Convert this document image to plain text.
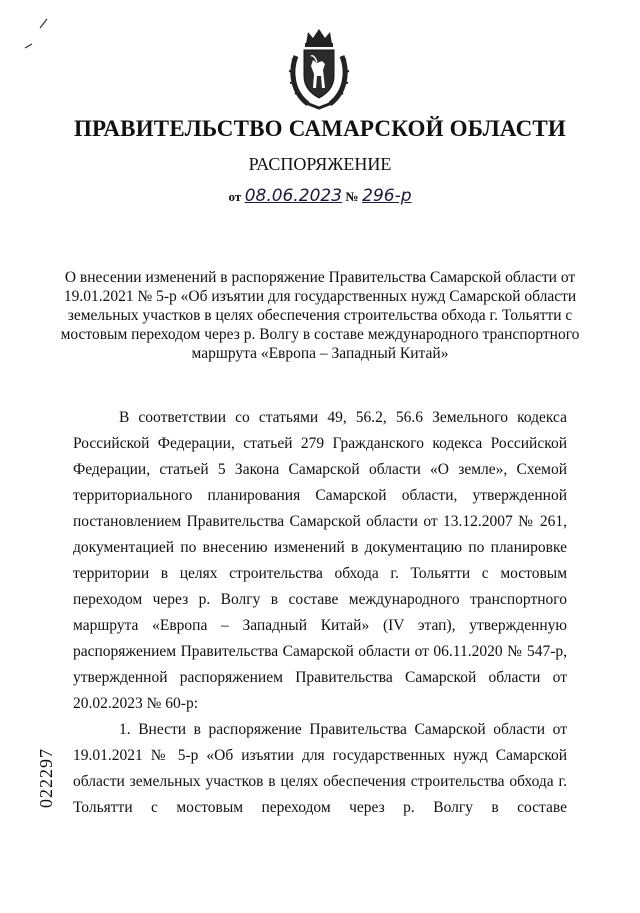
ПРАВИТЕЛЬСТВО САМАРСКОЙ ОБЛАСТИ
РАСПОРЯЖЕНИЕ
от 08.06.2023 № 296-р
О внесении изменений в распоряжение Правительства Самарской области от 19.01.2021 № 5-р «Об изъятии для государственных нужд Самарской области земельных участков в целях обеспечения строительства обхода г. Тольятти с мостовым переходом через р. Волгу в составе международного транспортного маршрута «Европа – Западный Китай»

В соответствии со статьями 49, 56.2, 56.6 Земельного кодекса Российской Федерации, статьей 279 Гражданского кодекса Российской Федерации, статьей 5 Закона Самарской области «О земле», Схемой территориального планирования Самарской области, утвержденной постановлением Правительства Самарской области от 13.12.2007 № 261, документацией по внесению изменений в документацию по планировке территории в целях строительства обхода г. Тольятти с мостовым переходом через р. Волгу в составе международного транспортного маршрута «Европа – Западный Китай» (IV этап), утвержденную распоряжением Правительства Самарской области от 06.11.2020 № 547-р, утвержденной распоряжением Правительства Самарской области от 20.02.2023 № 60-р:

1. Внести в распоряжение Правительства Самарской области от 19.01.2021 № 5-р «Об изъятии для государственных нужд Самарской области земельных участков в целях обеспечения строительства обхода г. Тольятти с мостовым переходом через р. Волгу в составе

022297
